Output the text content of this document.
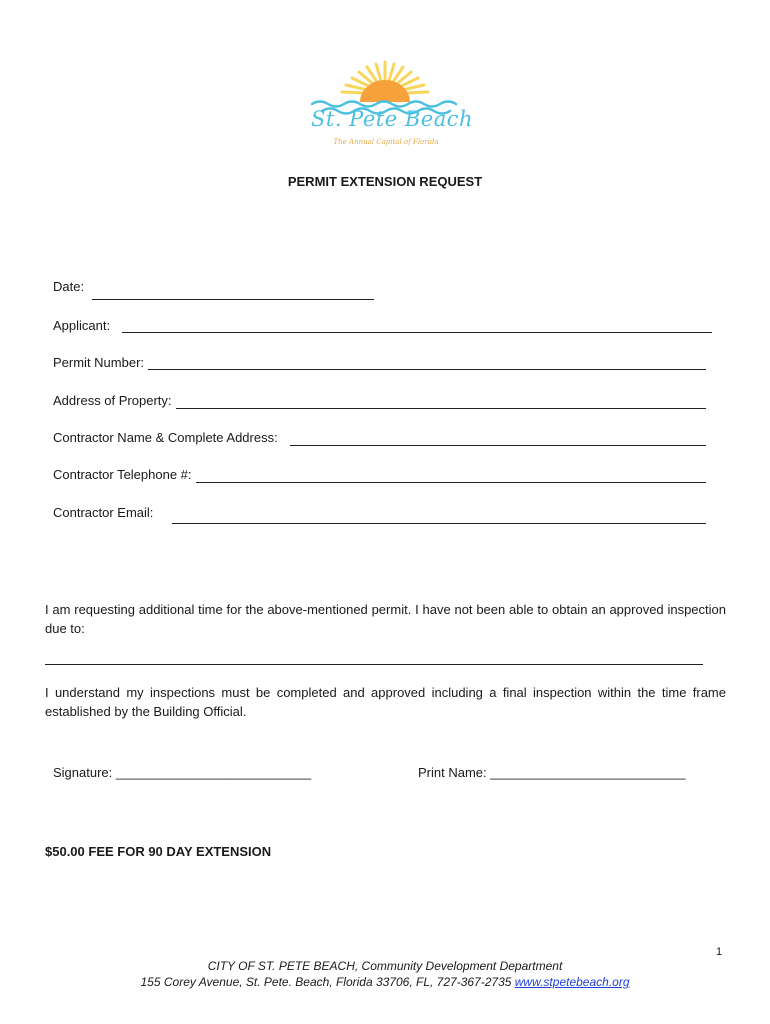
St. Pete Beach
The Annual Capital of Florida
PERMIT EXTENSION REQUEST
Date:
Applicant:
Permit Number:
Address of Property:
Contractor Name & Complete Address:
Contractor Telephone #:
Contractor Email:
I am requesting additional time for the above-mentioned permit. I have not been able to obtain an approved inspection due to:
I understand my inspections must be completed and approved including a final inspection within the time frame established by the Building Official.
Signature: ___________________________	Print Name: ___________________________
$50.00 FEE FOR 90 DAY EXTENSION
1
CITY OF ST. PETE BEACH, Community Development Department
155 Corey Avenue, St. Pete. Beach, Florida 33706, FL, 727-367-2735 www.stpetebeach.org
